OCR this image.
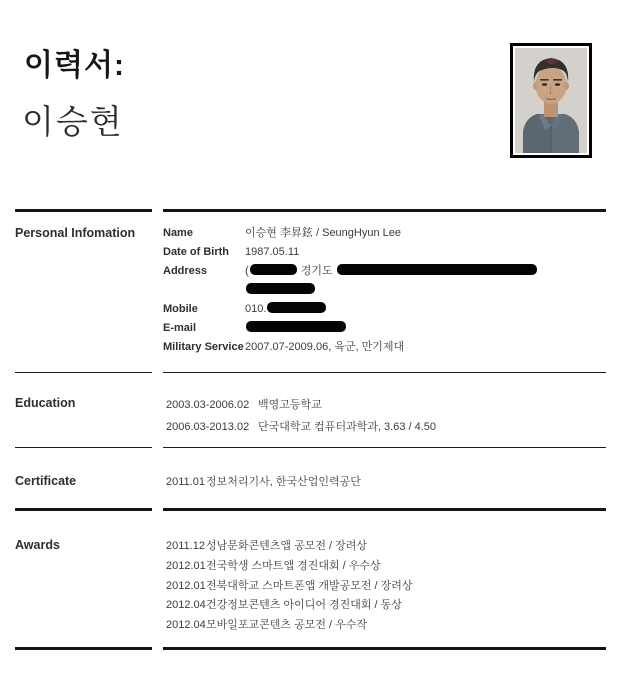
이력서:
이승현
Personal Infomation	Name	이승현 李昇鉉 / SeungHyun Lee
Date of Birth	1987.05.11
Address	(	경기도

Mobile	010.
E-mail
Military Service 2007.07-2009.06, 육군, 만기제대
Education	2003.03-2006.02 백영고등학교
2006.03-2013.02 단국대학교 컴퓨터과학과, 3.63 / 4.50
Certificate	2011.01 정보처리기사, 한국산업인력공단
Awards	2011.12 성남문화콘텐츠앱 공모전 / 장려상
2012.01 전국학생 스마트앱 경진대회 / 우수상
2012.01 전북대학교 스마트폰앱 개발공모전 / 장려상
2012.04 건강정보콘텐츠 아이디어 경진대회 / 동상
2012.04 모바일포교콘텐츠 공모전 / 우수작
